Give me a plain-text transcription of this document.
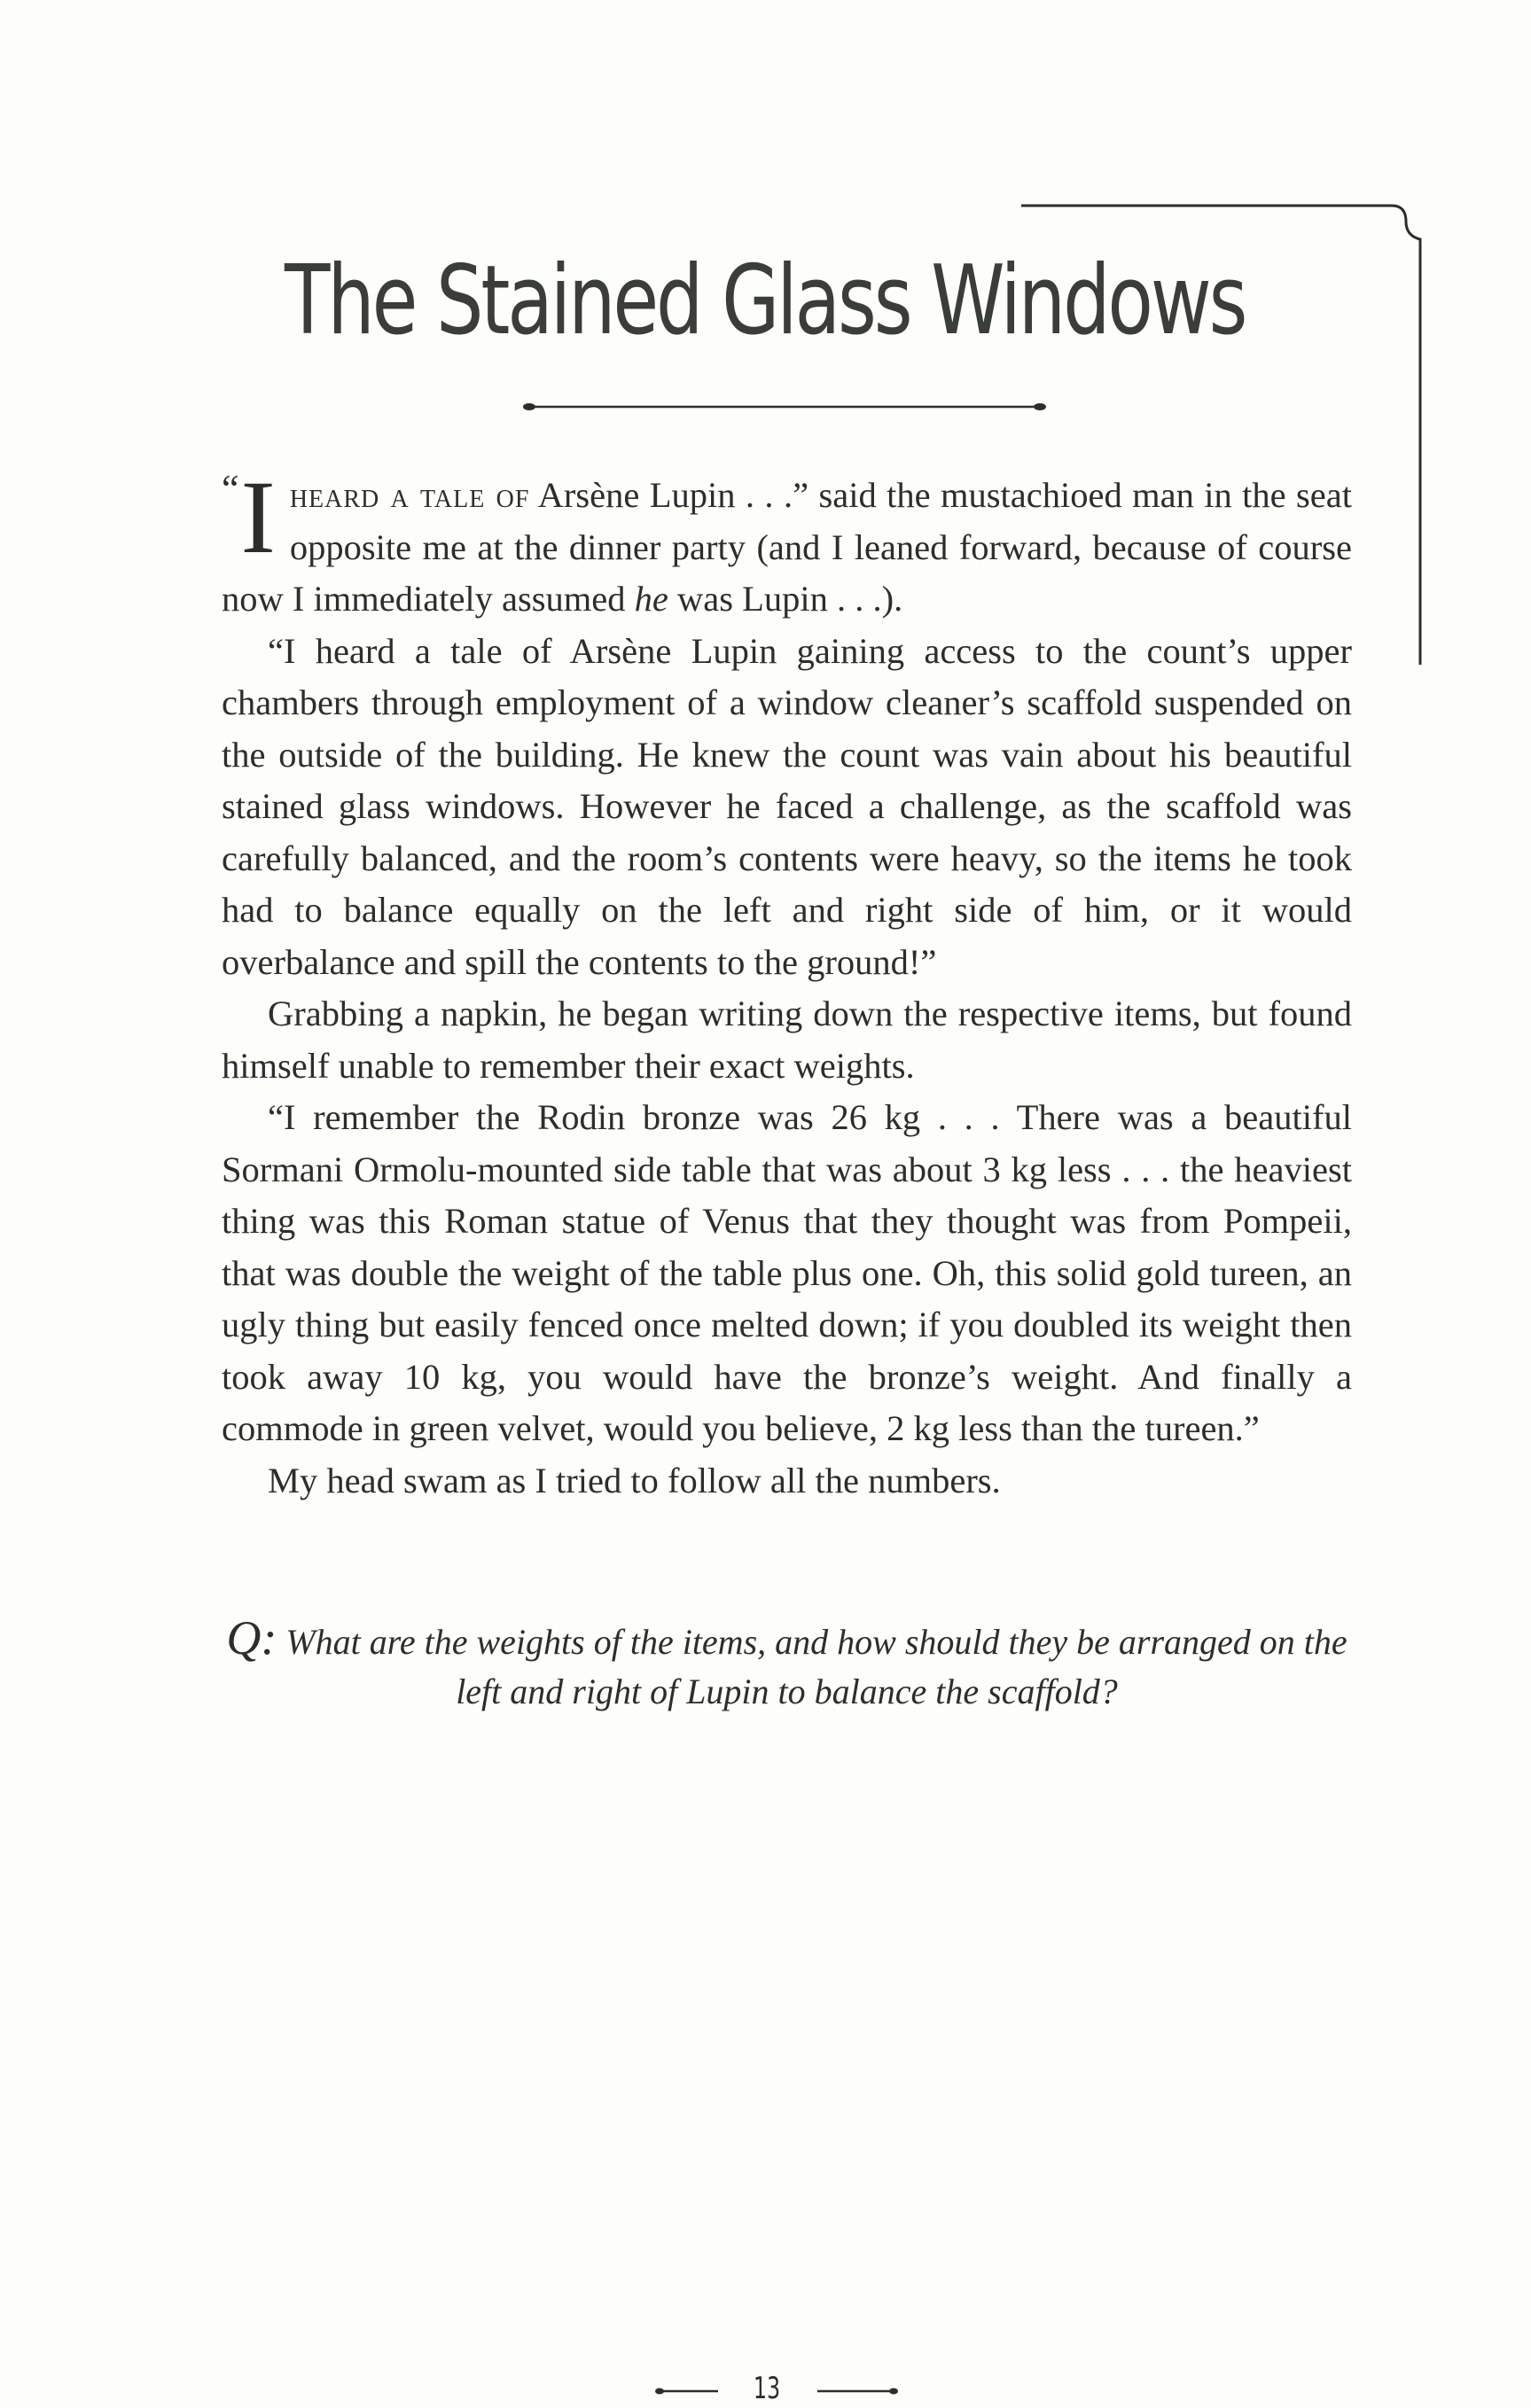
The Stained Glass Windows

“ I heard a tale of Arsène Lupin . . .” said the mustachioed man in the seat opposite me at the dinner party (and I leaned forward, because of course now I immediately assumed he was Lupin . . .).

“I heard a tale of Arsène Lupin gaining access to the count’s upper chambers through employment of a window cleaner’s scaffold suspended on the outside of the building. He knew the count was vain about his beautiful stained glass windows. However he faced a challenge, as the scaffold was carefully balanced, and the room’s contents were heavy, so the items he took had to balance equally on the left and right side of him, or it would overbalance and spill the contents to the ground!”

Grabbing a napkin, he began writing down the respective items, but found himself unable to remember their exact weights.

“I remember the Rodin bronze was 26 kg . . . There was a beautiful Sormani Ormolu-mounted side table that was about 3 kg less . . . the heaviest thing was this Roman statue of Venus that they thought was from Pompeii, that was double the weight of the table plus one. Oh, this solid gold tureen, an ugly thing but easily fenced once melted down; if you doubled its weight then took away 10 kg, you would have the bronze’s weight. And finally a commode in green velvet, would you believe, 2 kg less than the tureen.”

My head swam as I tried to follow all the numbers.

Q: What are the weights of the items, and how should they be arranged on the left and right of Lupin to balance the scaffold?
13
